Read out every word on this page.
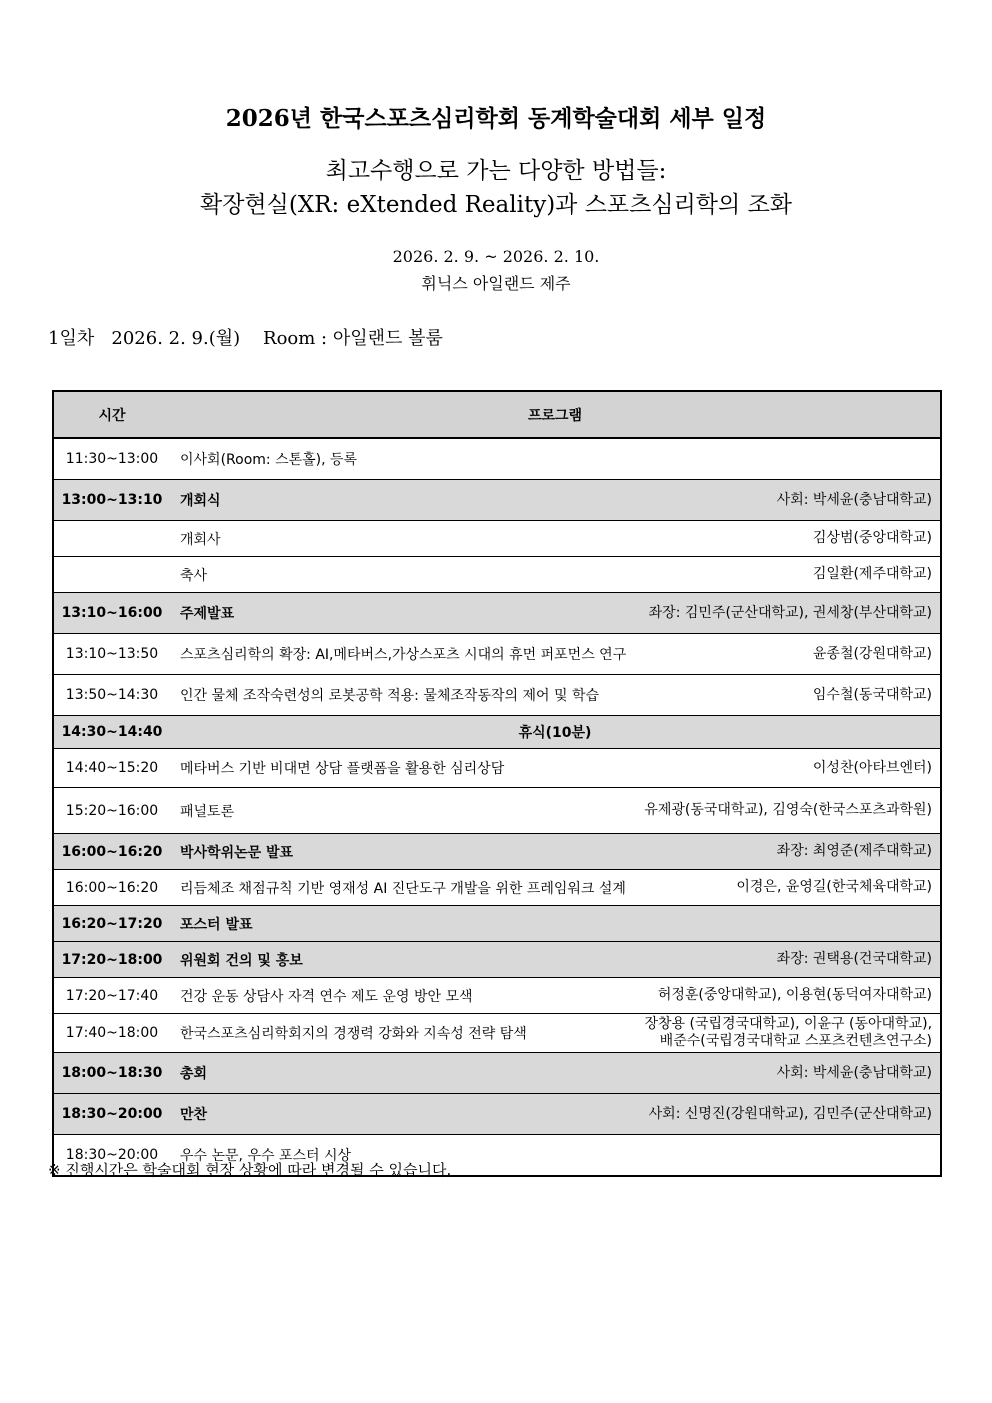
2026년 한국스포츠심리학회 동계학술대회 세부 일정
최고수행으로 가는 다양한 방법들:
확장현실(XR: eXtended Reality)과 스포츠심리학의 조화
2026. 2. 9. ~ 2026. 2. 10.
휘닉스 아일랜드 제주
1일차   2026. 2. 9.(월)    Room : 아일랜드 볼룸
시간	프로그램	
11:30~13:00	이사회(Room: 스톤홀), 등록	

13:00~13:10	개회식	사회: 박세윤(충남대학교)

	개회사	김상범(중앙대학교)

	축사	김일환(제주대학교)

13:10~16:00	주제발표	좌장: 김민주(군산대학교), 권세창(부산대학교)

13:10~13:50	스포츠심리학의 확장: AI,메타버스,가상스포츠 시대의 휴먼 퍼포먼스 연구	윤종철(강원대학교)

13:50~14:30	인간 물체 조작숙련성의 로봇공학 적용: 물체조작동작의 제어 및 학습	임수철(동국대학교)

14:30~14:40	휴식(10분)	
14:40~15:20	메타버스 기반 비대면 상담 플랫폼을 활용한 심리상담	이성찬(아타브엔터)

15:20~16:00	패널토론	유제광(동국대학교), 김영숙(한국스포츠과학원)

16:00~16:20	박사학위논문 발표	좌장: 최영준(제주대학교)

16:00~16:20	리듬체조 채점규칙 기반 영재성 AI 진단도구 개발을 위한 프레임워크 설계	이경은, 윤영길(한국체육대학교)

16:20~17:20	포스터 발표	

17:20~18:00	위원회 건의 및 홍보	좌장: 권택용(건국대학교)

17:20~17:40	건강 운동 상담사 자격 연수 제도 운영 방안 모색	허정훈(중앙대학교), 이용현(동덕여자대학교)

17:40~18:00	한국스포츠심리학회지의 경쟁력 강화와 지속성 전략 탐색	장창용 (국립경국대학교), 이윤구 (동아대학교),
배준수(국립경국대학교 스포츠컨텐츠연구소)

18:00~18:30	총회	사회: 박세윤(충남대학교)

18:30~20:00	만찬	사회: 신명진(강원대학교), 김민주(군산대학교)

18:30~20:00	우수 논문, 우수 포스터 시상	
※ 진행시간은 학술대회 현장 상황에 따라 변경될 수 있습니다.
